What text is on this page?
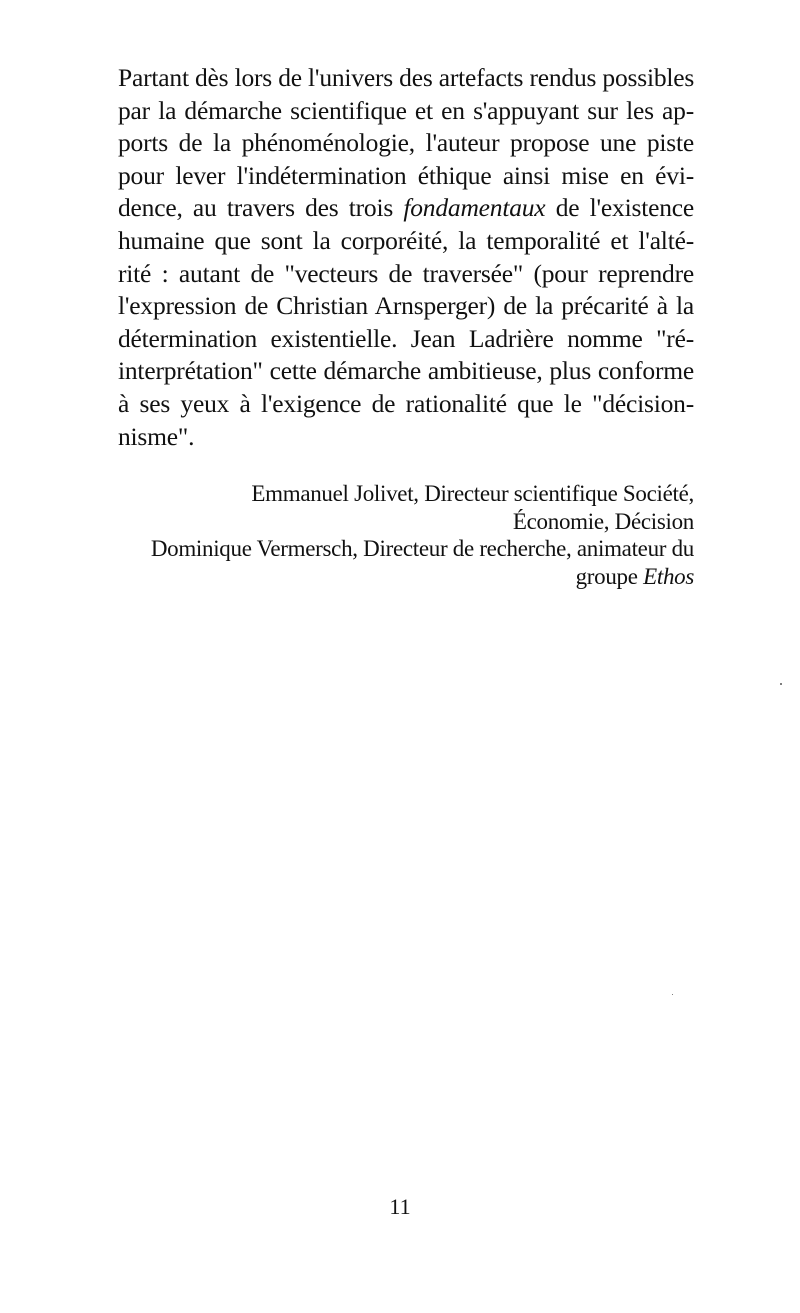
Partant dès lors de l'univers des artefacts rendus possibles
par la démarche scientifique et en s'appuyant sur les ap-
ports de la phénoménologie, l'auteur propose une piste
pour lever l'indétermination éthique ainsi mise en évi-
dence, au travers des trois fondamentaux de l'existence
humaine que sont la corporéité, la temporalité et l'alté-
rité : autant de "vecteurs de traversée" (pour reprendre
l'expression de Christian Arnsperger) de la précarité à la
détermination existentielle. Jean Ladrière nomme "ré-
interprétation" cette démarche ambitieuse, plus conforme
à ses yeux à l'exigence de rationalité que le "décision-
nisme".
Emmanuel Jolivet, Directeur scientifique Société,
Économie, Décision
Dominique Vermersch, Directeur de recherche, animateur du
groupe Ethos
11
